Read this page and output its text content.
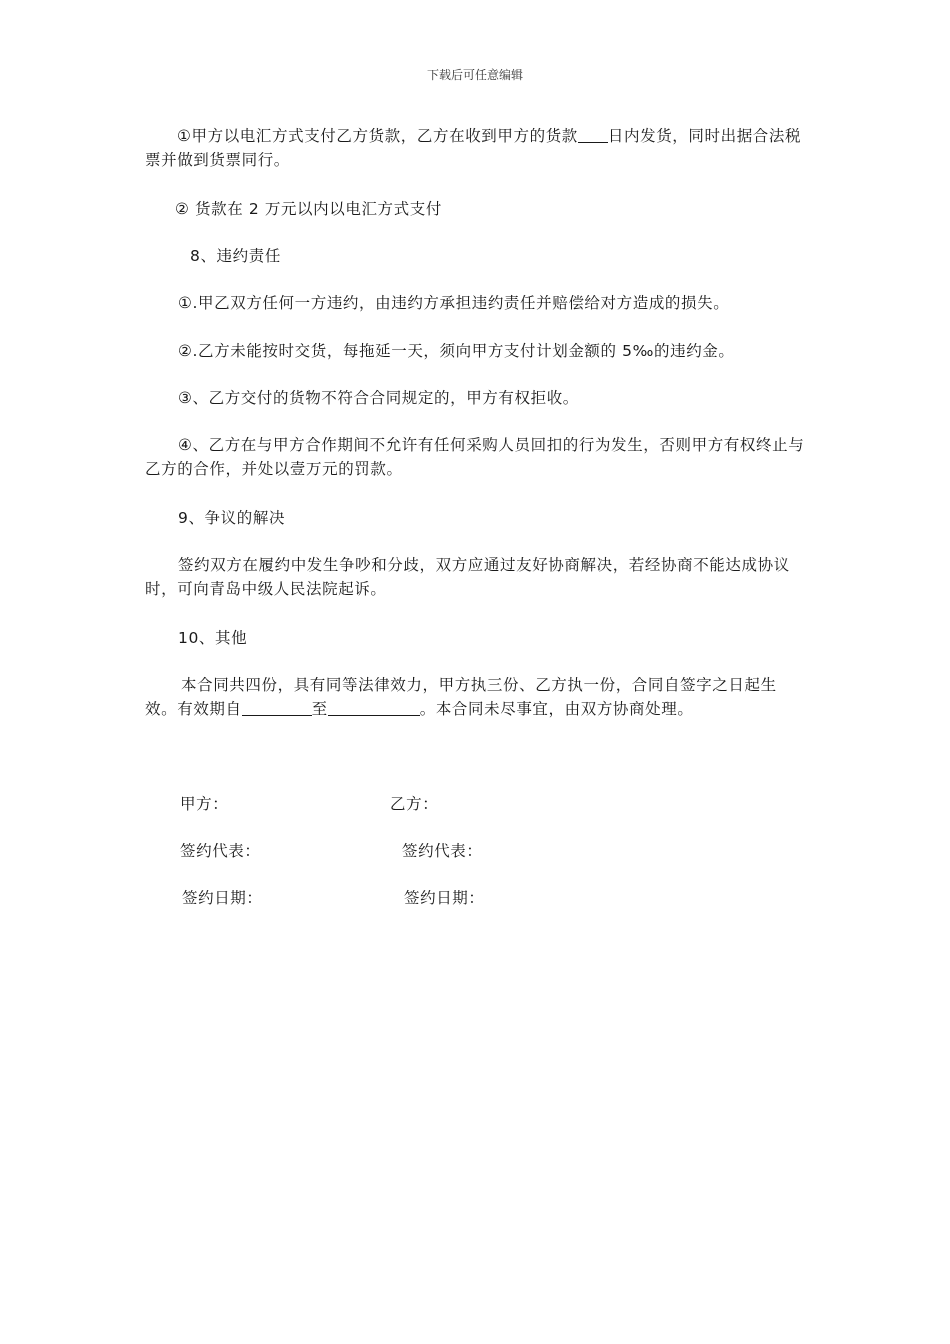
下载后可任意编辑
①甲方以电汇方式支付乙方货款，乙方在收到甲方的货款 日内发货，同时出据合法税票并做到货票同行。
② 货款在 2 万元以内以电汇方式支付
8、违约责任
①.甲乙双方任何一方违约，由违约方承担违约责任并赔偿给对方造成的损失。
②.乙方未能按时交货，每拖延一天，须向甲方支付计划金额的 5‰的违约金。
③、乙方交付的货物不符合合同规定的，甲方有权拒收。
④、乙方在与甲方合作期间不允许有任何采购人员回扣的行为发生，否则甲方有权终止与乙方的合作，并处以壹万元的罚款。
9、争议的解决
签约双方在履约中发生争吵和分歧，双方应通过友好协商解决，若经协商不能达成协议时，可向青岛中级人民法院起诉。
10、其他
本合同共四份，具有同等法律效力，甲方执三份、乙方执一份，合同自签字之日起生效。有效期自	至	。本合同未尽事宜，由双方协商处理。
甲方：	乙方：
签约代表：	签约代表：
签约日期：	签约日期：
